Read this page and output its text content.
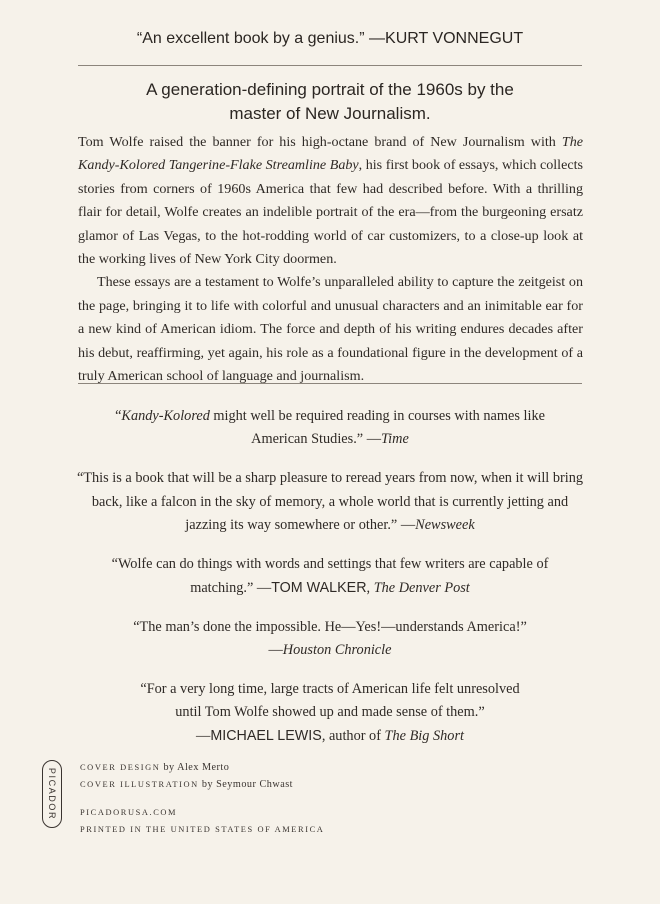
“An excellent book by a genius.” —KURT VONNEGUT
A generation-defining portrait of the 1960s by the master of New Journalism.

Tom Wolfe raised the banner for his high-octane brand of New Journalism with The Kandy-Kolored Tangerine-Flake Streamline Baby, his first book of essays, which collects stories from corners of 1960s America that few had described before. With a thrilling flair for detail, Wolfe creates an indelible portrait of the era—from the burgeoning ersatz glamor of Las Vegas, to the hot-rodding world of car customizers, to a close-up look at the working lives of New York City doormen.

These essays are a testament to Wolfe’s unparalleled ability to capture the zeitgeist on the page, bringing it to life with colorful and unusual characters and an inimitable ear for a new kind of American idiom. The force and depth of his writing endures decades after his debut, reaffirming, yet again, his role as a foundational figure in the development of a truly American school of language and journalism.

“Kandy-Kolored might well be required reading in courses with names like American Studies.” —Time

“This is a book that will be a sharp pleasure to reread years from now, when it will bring back, like a falcon in the sky of memory, a whole world that is currently jetting and jazzing its way somewhere or other.” —Newsweek

“Wolfe can do things with words and settings that few writers are capable of matching.” —TOM WALKER, The Denver Post

“The man’s done the impossible. He—Yes!—understands America!”
—Houston Chronicle

“For a very long time, large tracts of American life felt unresolved until Tom Wolfe showed up and made sense of them.”
—MICHAEL LEWIS, author of The Big Short

PICADOR
COVER DESIGN by Alex Merto
COVER ILLUSTRATION by Seymour Chwast
PICADORUSA.COM
PRINTED IN THE UNITED STATES OF AMERICA
